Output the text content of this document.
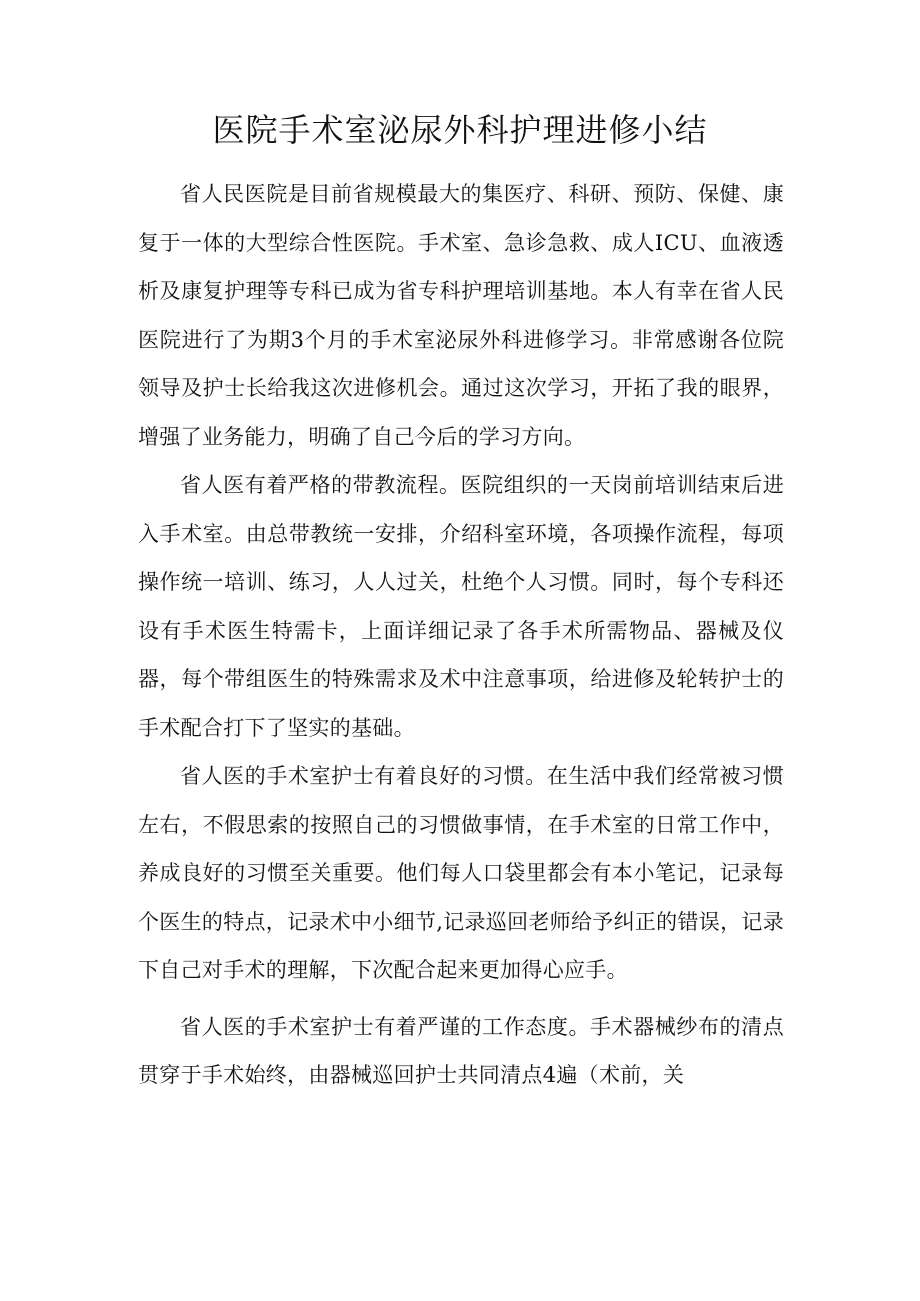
医院手术室泌尿外科护理进修小结

省人民医院是目前省规模最大的集医疗、科研、预防、保健、康复于一体的大型综合性医院。手术室、急诊急救、成人ICU、血液透析及康复护理等专科已成为省专科护理培训基地。本人有幸在省人民医院进行了为期3个月的手术室泌尿外科进修学习。非常感谢各位院领导及护士长给我这次进修机会。通过这次学习，开拓了我的眼界，增强了业务能力，明确了自己今后的学习方向。

省人医有着严格的带教流程。医院组织的一天岗前培训结束后进入手术室。由总带教统一安排，介绍科室环境，各项操作流程，每项操作统一培训、练习，人人过关，杜绝个人习惯。同时，每个专科还设有手术医生特需卡，上面详细记录了各手术所需物品、器械及仪器，每个带组医生的特殊需求及术中注意事项，给进修及轮转护士的手术配合打下了坚实的基础。

省人医的手术室护士有着良好的习惯。在生活中我们经常被习惯左右，不假思索的按照自己的习惯做事情，在手术室的日常工作中，养成良好的习惯至关重要。他们每人口袋里都会有本小笔记，记录每个医生的特点，记录术中小细节,记录巡回老师给予纠正的错误，记录下自己对手术的理解，下次配合起来更加得心应手。

省人医的手术室护士有着严谨的工作态度。手术器械纱布的清点贯穿于手术始终，由器械巡回护士共同清点4遍（术前，关
